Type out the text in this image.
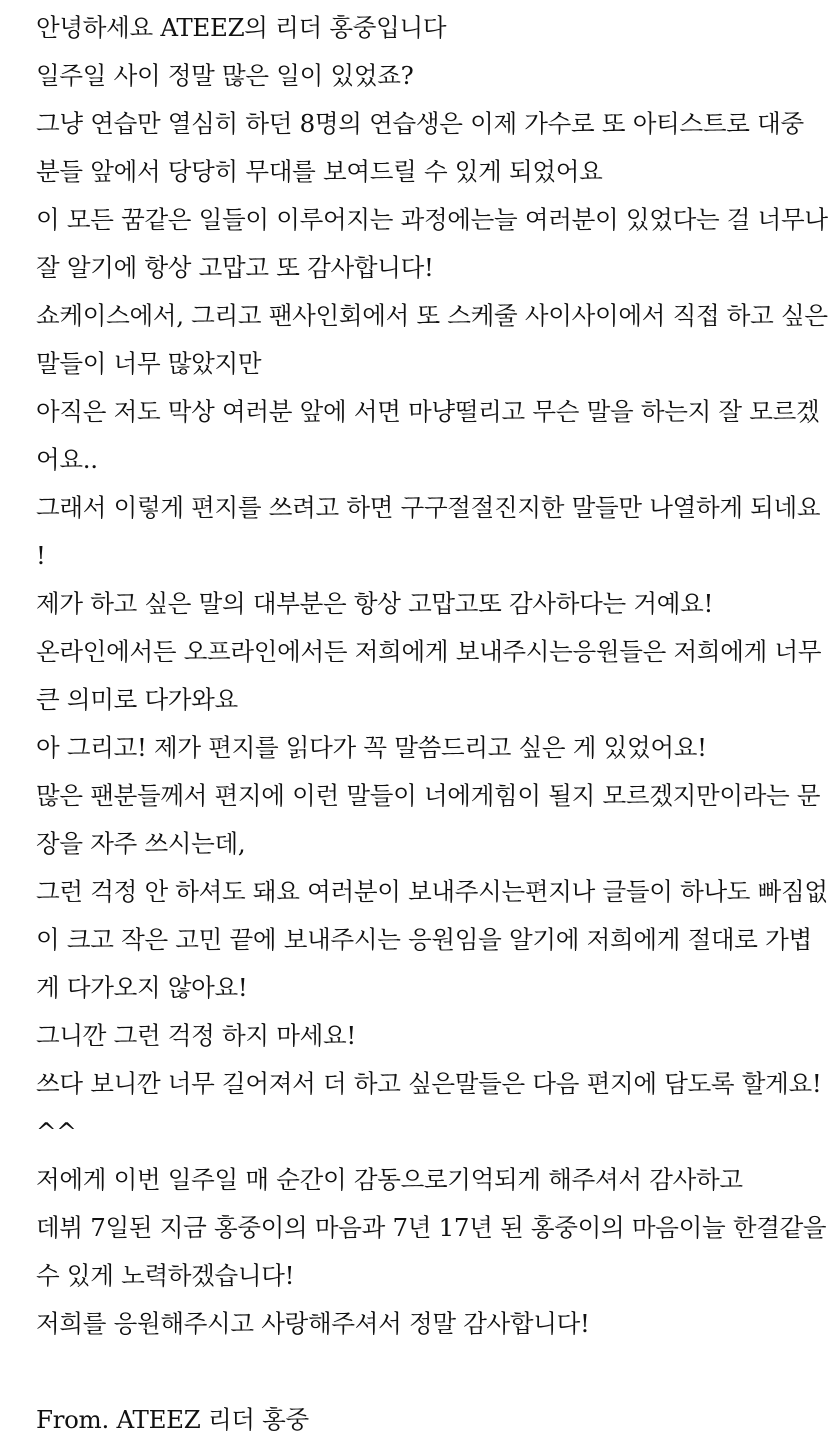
안녕하세요 ATEEZ의 리더 홍중입니다
일주일 사이 정말 많은 일이 있었죠?
그냥 연습만 열심히 하던 8명의 연습생은 이제 가수로 또 아티스트로 대중
분들 앞에서 당당히 무대를 보여드릴 수 있게 되었어요
이 모든 꿈같은 일들이 이루어지는 과정에는늘 여러분이 있었다는 걸 너무나
잘 알기에 항상 고맙고 또 감사합니다!
쇼케이스에서, 그리고 팬사인회에서 또 스케줄 사이사이에서 직접 하고 싶은
말들이 너무 많았지만
아직은 저도 막상 여러분 앞에 서면 마냥떨리고 무슨 말을 하는지 잘 모르겠
어요..
그래서 이렇게 편지를 쓰려고 하면 구구절절진지한 말들만 나열하게 되네요
!
제가 하고 싶은 말의 대부분은 항상 고맙고또 감사하다는 거예요!
온라인에서든 오프라인에서든 저희에게 보내주시는응원들은 저희에게 너무
큰 의미로 다가와요
아 그리고! 제가 편지를 읽다가 꼭 말씀드리고 싶은 게 있었어요!
많은 팬분들께서 편지에 이런 말들이 너에게힘이 될지 모르겠지만이라는 문
장을 자주 쓰시는데,
그런 걱정 안 하셔도 돼요 여러분이 보내주시는편지나 글들이 하나도 빠짐없
이 크고 작은 고민 끝에 보내주시는 응원임을 알기에 저희에게 절대로 가볍
게 다가오지 않아요!
그니깐 그런 걱정 하지 마세요!
쓰다 보니깐 너무 길어져서 더 하고 싶은말들은 다음 편지에 담도록 할게요!
^^
저에게 이번 일주일 매 순간이 감동으로기억되게 해주셔서 감사하고
데뷔 7일된 지금 홍중이의 마음과 7년 17년 된 홍중이의 마음이늘 한결같을
수 있게 노력하겠습니다!
저희를 응원해주시고 사랑해주셔서 정말 감사합니다!
From. ATEEZ 리더 홍중
